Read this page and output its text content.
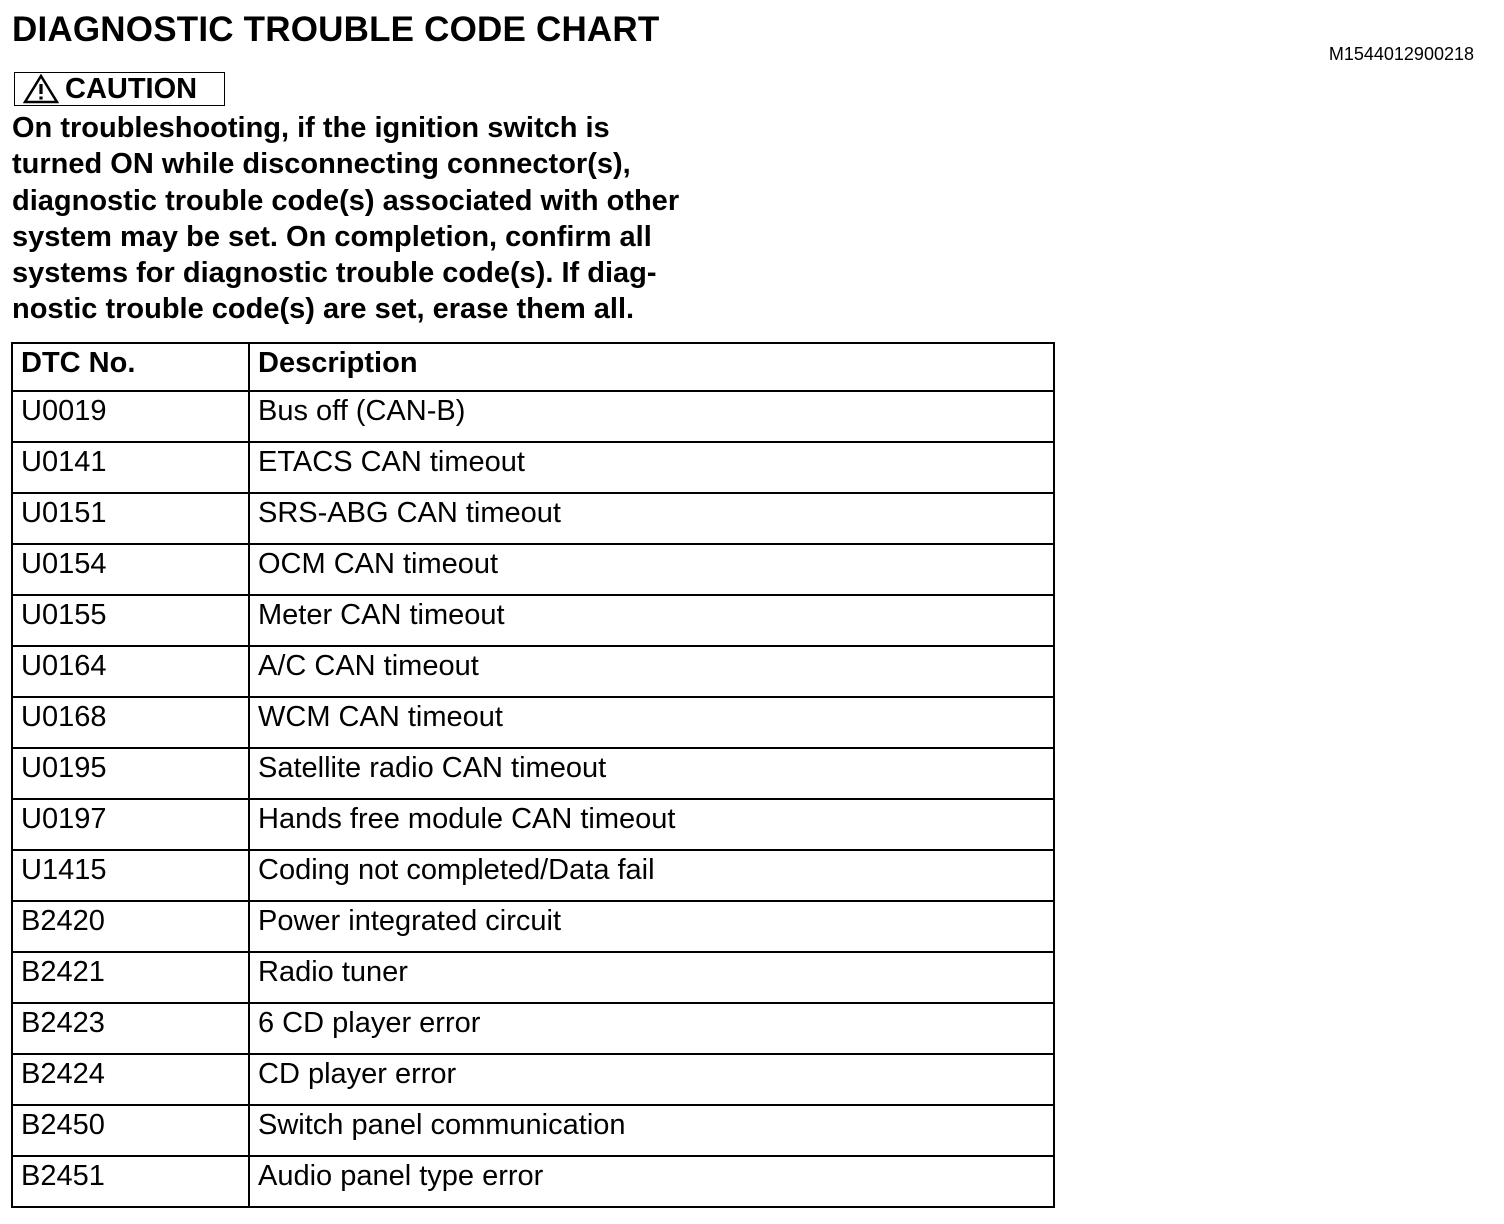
DIAGNOSTIC TROUBLE CODE CHART
M1544012900218
CAUTION
On troubleshooting, if the ignition switch is
turned ON while disconnecting connector(s),
diagnostic trouble code(s) associated with other
system may be set. On completion, confirm all
systems for diagnostic trouble code(s). If diag-
nostic trouble code(s) are set, erase them all.
DTC No.	Description
U0019	Bus off (CAN-B)
U0141	ETACS CAN timeout
U0151	SRS-ABG CAN timeout
U0154	OCM CAN timeout
U0155	Meter CAN timeout
U0164	A/C CAN timeout
U0168	WCM CAN timeout
U0195	Satellite radio CAN timeout
U0197	Hands free module CAN timeout
U1415	Coding not completed/Data fail
B2420	Power integrated circuit
B2421	Radio tuner
B2423	6 CD player error
B2424	CD player error
B2450	Switch panel communication
B2451	Audio panel type error
